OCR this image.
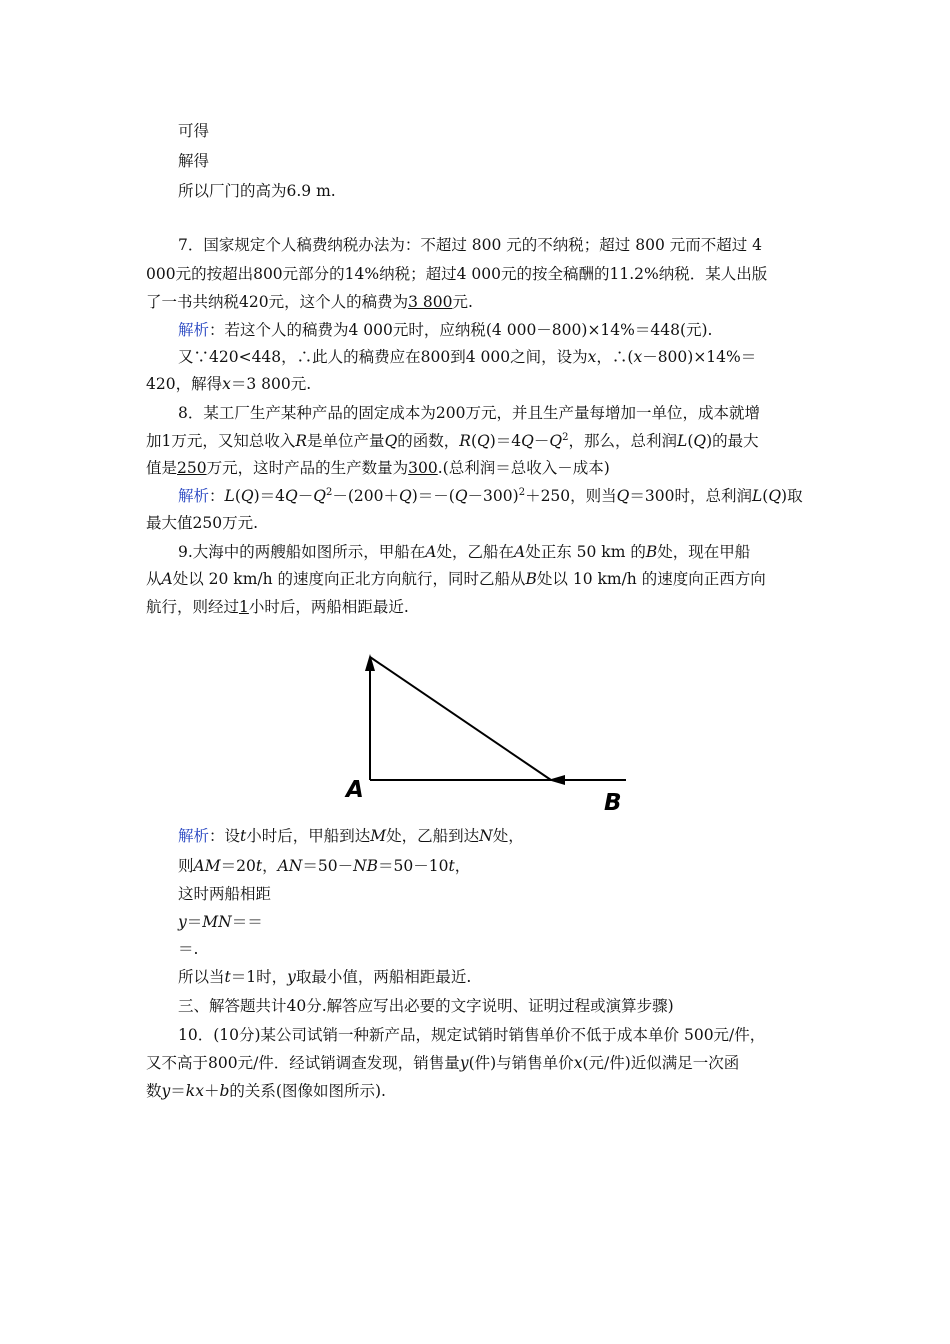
可得
解得
所以厂门的高为6.9 m.
7．国家规定个人稿费纳税办法为：不超过 800 元的不纳税；超过 800 元而不超过 4
000元的按超出800元部分的14%纳税；超过4 000元的按全稿酬的11.2%纳税．某人出版
了一书共纳税420元，这个人的稿费为3 800元.
解析：若这个人的稿费为4 000元时，应纳税(4 000－800)×14%＝448(元).
又∵420<448，∴此人的稿费应在800到4 000之间，设为x，∴(x－800)×14%＝
420，解得x＝3 800元.
8．某工厂生产某种产品的固定成本为200万元，并且生产量每增加一单位，成本就增
加1万元，又知总收入R是单位产量Q的函数，$R(Q)=4Q-Q^2$，那么，总利润L(Q)的最大
值是250万元，这时产品的生产数量为300.(总利润＝总收入－成本)
解析：$L(Q)=4Q-Q^2-(200+Q)=-(Q-300)^2+250$，则当Q＝300时，总利润L(Q)取
最大值250万元.
9.大海中的两艘船如图所示，甲船在A处，乙船在A处正东 50 km 的B处，现在甲船
从A处以 20 km/h 的速度向正北方向航行，同时乙船从B处以 10 km/h 的速度向正西方向
航行，则经过1小时后，两船相距最近.
A	B
解析：设t小时后，甲船到达M处，乙船到达N处，
则AM＝20t，AN＝50－NB＝50－10t，
这时两船相距
y＝MN＝＝
＝.
所以当t＝1时，y取最小值，两船相距最近.
三、解答题共计40分.解答应写出必要的文字说明、证明过程或演算步骤)
10．(10分)某公司试销一种新产品，规定试销时销售单价不低于成本单价 500元/件，
又不高于800元/件．经试销调查发现，销售量y(件)与销售单价x(元/件)近似满足一次函
数y＝kx＋b的关系(图像如图所示).
